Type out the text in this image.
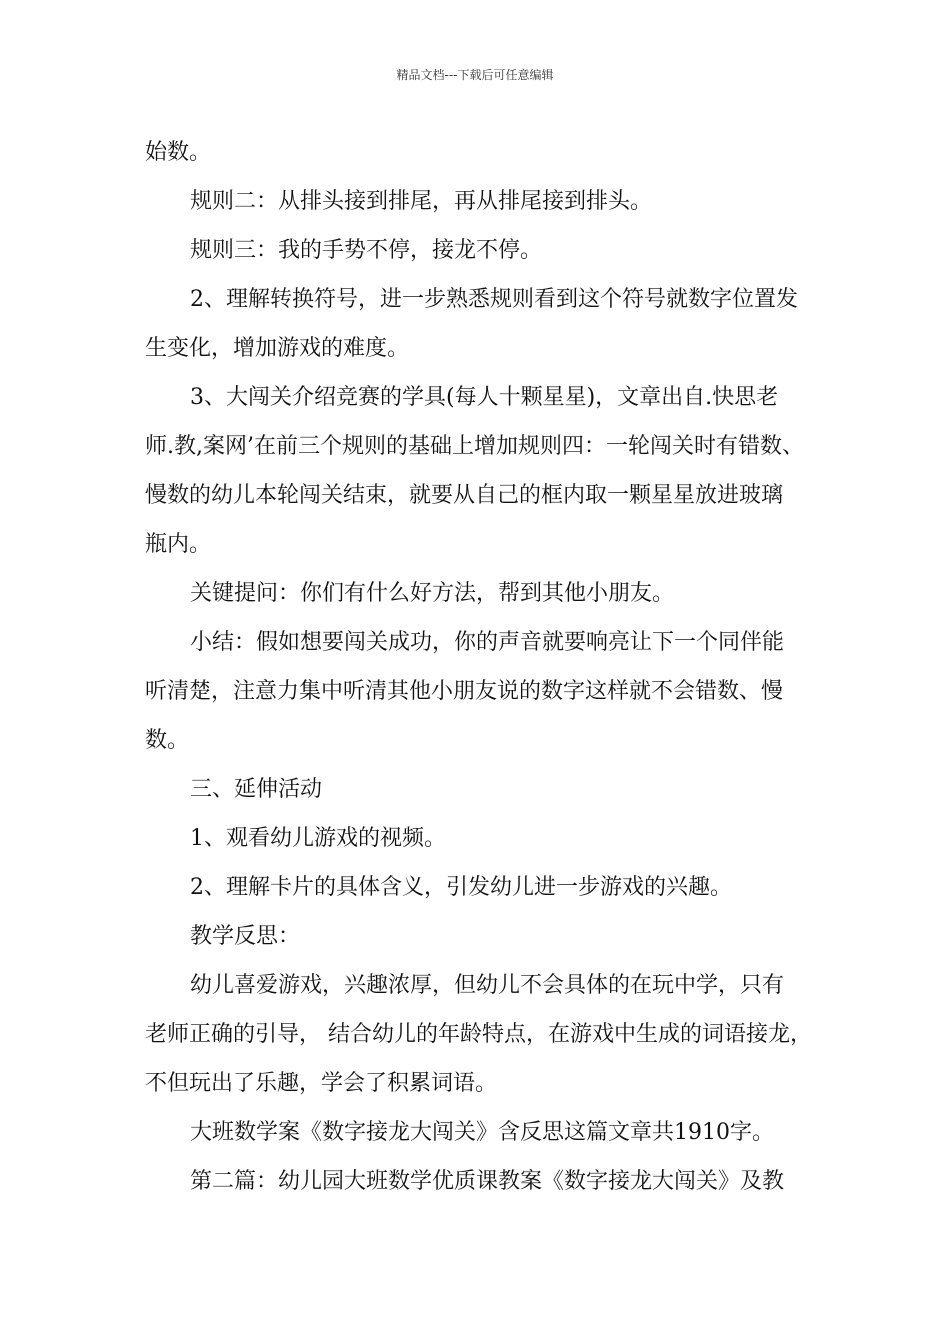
精品文档---下载后可任意编辑
始数。
规则二：从排头接到排尾，再从排尾接到排头。
规则三：我的手势不停，接龙不停。
2、理解转换符号，进一步熟悉规则看到这个符号就数字位置发
生变化，增加游戏的难度。
3、大闯关介绍竞赛的学具(每人十颗星星)，文章出自.快思老
师.教,案网’在前三个规则的基础上增加规则四：一轮闯关时有错数、
慢数的幼儿本轮闯关结束，就要从自己的框内取一颗星星放进玻璃
瓶内。
关键提问：你们有什么好方法，帮到其他小朋友。
小结：假如想要闯关成功，你的声音就要响亮让下一个同伴能
听清楚，注意力集中听清其他小朋友说的数字这样就不会错数、慢
数。
三、延伸活动
1、观看幼儿游戏的视频。
2、理解卡片的具体含义，引发幼儿进一步游戏的兴趣。
教学反思：
幼儿喜爱游戏，兴趣浓厚，但幼儿不会具体的在玩中学，只有
老师正确的引导， 结合幼儿的年龄特点，在游戏中生成的词语接龙，
不但玩出了乐趣，学会了积累词语。
大班数学案《数字接龙大闯关》含反思这篇文章共1910字。
第二篇：幼儿园大班数学优质课教案《数字接龙大闯关》及教
